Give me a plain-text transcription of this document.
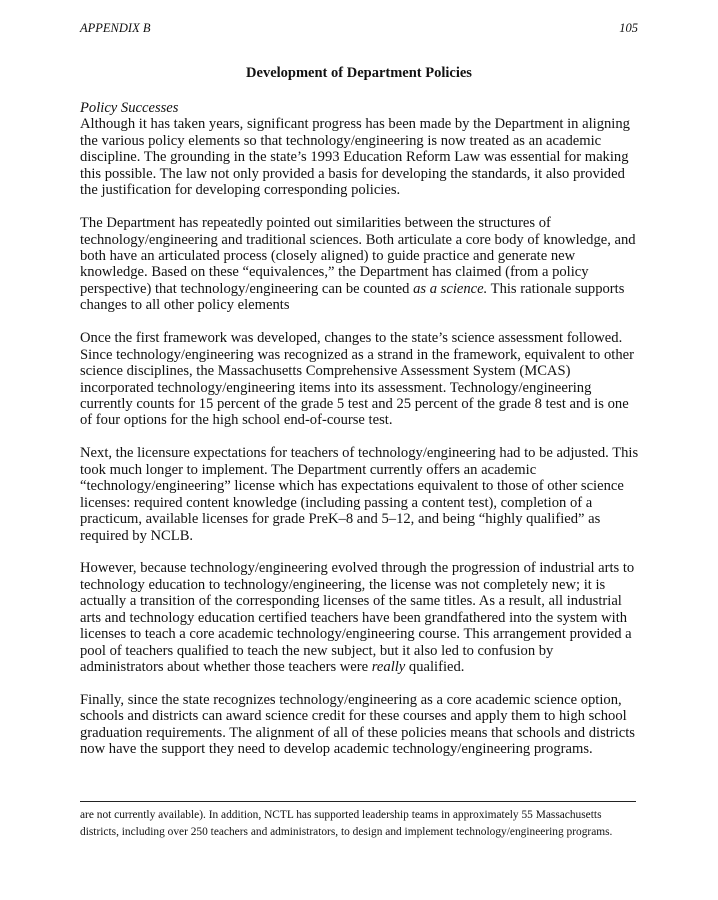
APPENDIX B	105
Development of Department Policies
Policy Successes

Although it has taken years, significant progress has been made by the Department in aligning the various policy elements so that technology/engineering is now treated as an academic discipline. The grounding in the state’s 1993 Education Reform Law was essential for making this possible. The law not only provided a basis for developing the standards, it also provided the justification for developing corresponding policies.

The Department has repeatedly pointed out similarities between the structures of technology/engineering and traditional sciences. Both articulate a core body of knowledge, and both have an articulated process (closely aligned) to guide practice and generate new knowledge. Based on these “equivalences,” the Department has claimed (from a policy perspective) that technology/engineering can be counted as a science. This rationale supports changes to all other policy elements

Once the first framework was developed, changes to the state’s science assessment followed. Since technology/engineering was recognized as a strand in the framework, equivalent to other science disciplines, the Massachusetts Comprehensive Assessment System (MCAS) incorporated technology/engineering items into its assessment. Technology/engineering currently counts for 15 percent of the grade 5 test and 25 percent of the grade 8 test and is one of four options for the high school end-of-course test.

Next, the licensure expectations for teachers of technology/engineering had to be adjusted. This took much longer to implement. The Department currently offers an academic “technology/engineering” license which has expectations equivalent to those of other science licenses: required content knowledge (including passing a content test), completion of a practicum, available licenses for grade PreK–8 and 5–12, and being “highly qualified” as required by NCLB.

However, because technology/engineering evolved through the progression of industrial arts to technology education to technology/engineering, the license was not completely new; it is actually a transition of the corresponding licenses of the same titles. As a result, all industrial arts and technology education certified teachers have been grandfathered into the system with licenses to teach a core academic technology/engineering course. This arrangement provided a pool of teachers qualified to teach the new subject, but it also led to confusion by administrators about whether those teachers were really qualified.

Finally, since the state recognizes technology/engineering as a core academic science option, schools and districts can award science credit for these courses and apply them to high school graduation requirements. The alignment of all of these policies means that schools and districts now have the support they need to develop academic technology/engineering programs.

are not currently available). In addition, NCTL has supported leadership teams in approximately 55 Massachusetts
districts, including over 250 teachers and administrators, to design and implement technology/engineering programs.
